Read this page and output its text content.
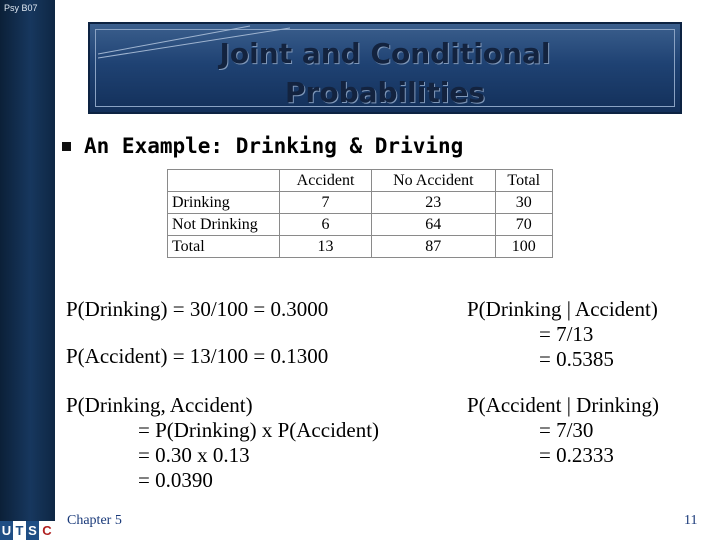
Psy B07
U T S C
Joint and Conditional
Probabilities
An Example: Drinking & Driving
	Accident	No Accident	Total
Drinking	7	23	30
Not Drinking	6	64	70
Total	13	87	100
P(Drinking) = 30/100 = 0.3000
P(Accident) = 13/100 = 0.1300
P(Drinking, Accident)
= P(Drinking) x P(Accident)
= 0.30 x 0.13
= 0.0390
P(Drinking | Accident)
= 7/13
= 0.5385
P(Accident | Drinking)
= 7/30
= 0.2333
Chapter 5	11
